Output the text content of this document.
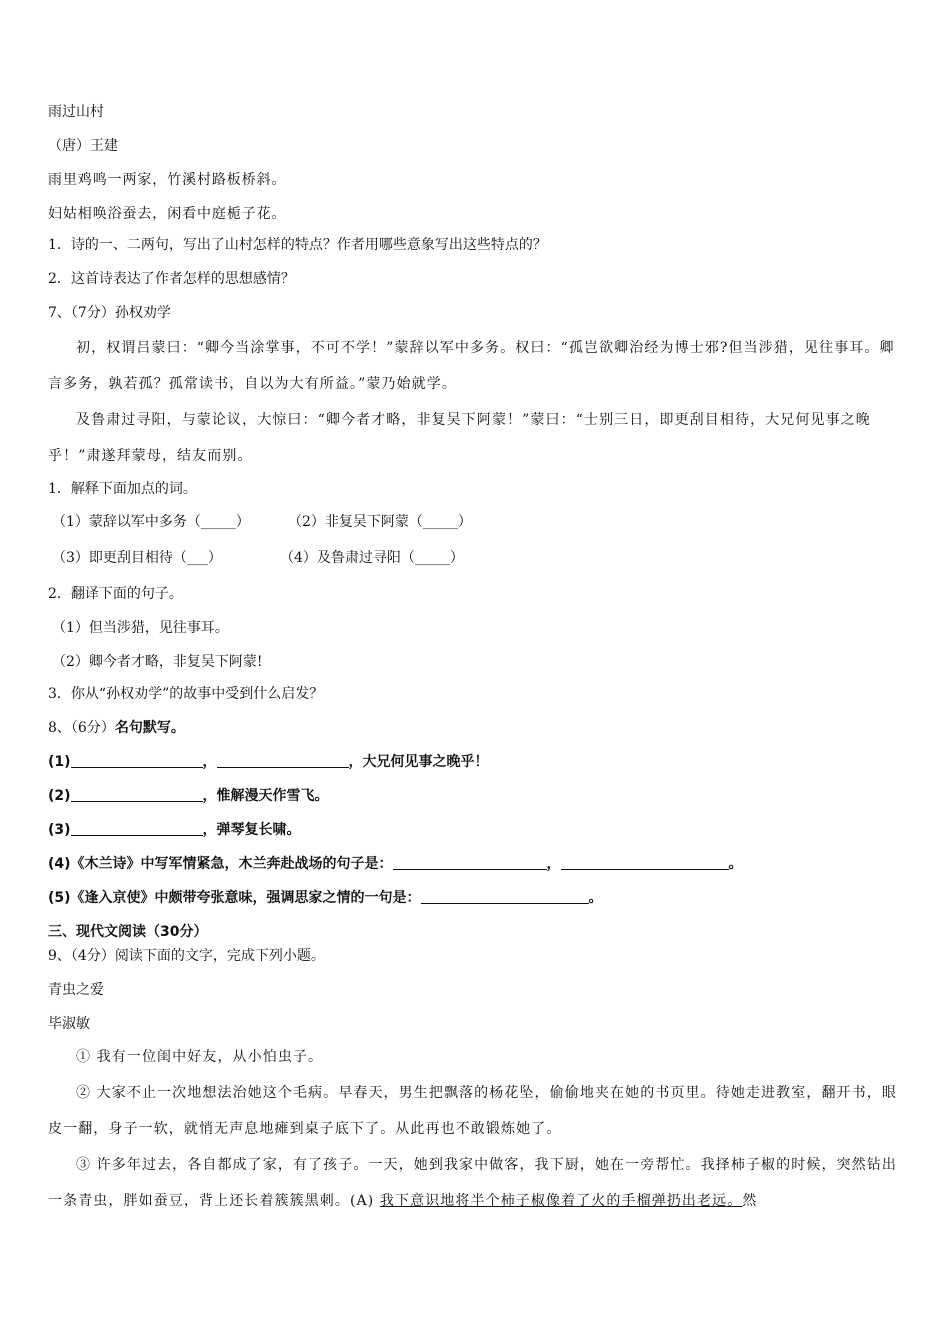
雨过山村
（唐）王建
雨里鸡鸣一两家，竹溪村路板桥斜。
妇姑相唤浴蚕去，闲看中庭栀子花。
1．诗的一、二两句，写出了山村怎样的特点？作者用哪些意象写出这些特点的？
2．这首诗表达了作者怎样的思想感情？
7、（7分）孙权劝学
初，权谓吕蒙曰：“卿今当涂掌事，不可不学！”蒙辞以军中多务。权曰：“孤岂欲卿治经为博士邪?但当涉猎，见往事耳。卿言多务，孰若孤？孤常读书，自以为大有所益。”蒙乃始就学。
及鲁肃过寻阳，与蒙论议，大惊曰：“卿今者才略，非复吴下阿蒙！”蒙曰：“士别三日，即更刮目相待，大兄何见事之晚乎！”肃遂拜蒙母，结友而别。
1．解释下面加点的词。
（1）蒙辞以军中多务（_____）	（2）非复吴下阿蒙（_____）
（3）即更刮目相待（___）	（4）及鲁肃过寻阳（_____）
2．翻译下面的句子。
（1）但当涉猎，见往事耳。
（2）卿今者才略，非复吴下阿蒙!
3．你从“孙权劝学”的故事中受到什么启发？
8、（6分）名句默写。
(1)	，	，大兄何见事之晚乎！
(2)	，惟解漫天作雪飞。
(3)	，弹琴复长啸。
(4)《木兰诗》中写军情紧急，木兰奔赴战场的句子是：	，	。
(5)《逢入京使》中颇带夸张意味，强调思家之情的一句是：	。
三、现代文阅读（30分）
9、（4分）阅读下面的文字，完成下列小题。
青虫之爱
毕淑敏
① 我有一位闺中好友，从小怕虫子。
② 大家不止一次地想法治她这个毛病。早春天，男生把飘落的杨花坠，偷偷地夹在她的书页里。待她走进教室，翻开书，眼皮一翻，身子一软，就悄无声息地瘫到桌子底下了。从此再也不敢锻炼她了。
③ 许多年过去，各自都成了家，有了孩子。一天，她到我家中做客，我下厨，她在一旁帮忙。我择柿子椒的时候，突然钻出一条青虫，胖如蚕豆，背上还长着簇簇黑刺。(A) 我下意识地将半个柿子椒像着了火的手榴弹扔出老远。然
